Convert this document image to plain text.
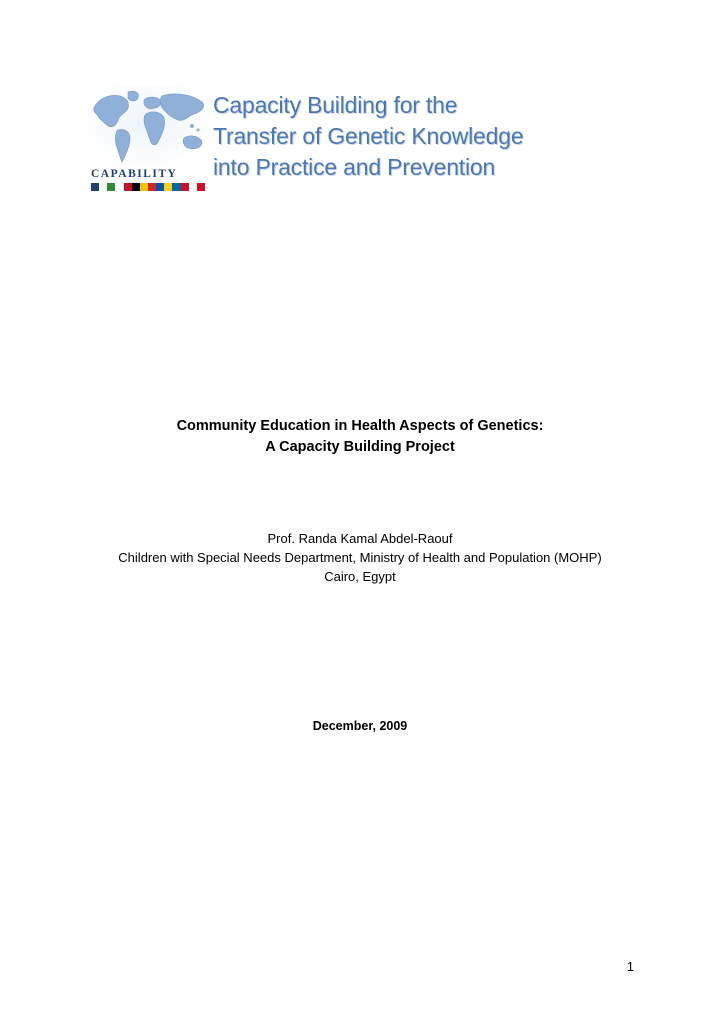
CAPABILITY
Capacity Building for the
Transfer of Genetic Knowledge
into Practice and Prevention
Community Education in Health Aspects of Genetics:
A Capacity Building Project
Prof. Randa Kamal Abdel-Raouf
Children with Special Needs Department, Ministry of Health and Population (MOHP)
Cairo, Egypt
December, 2009
1
